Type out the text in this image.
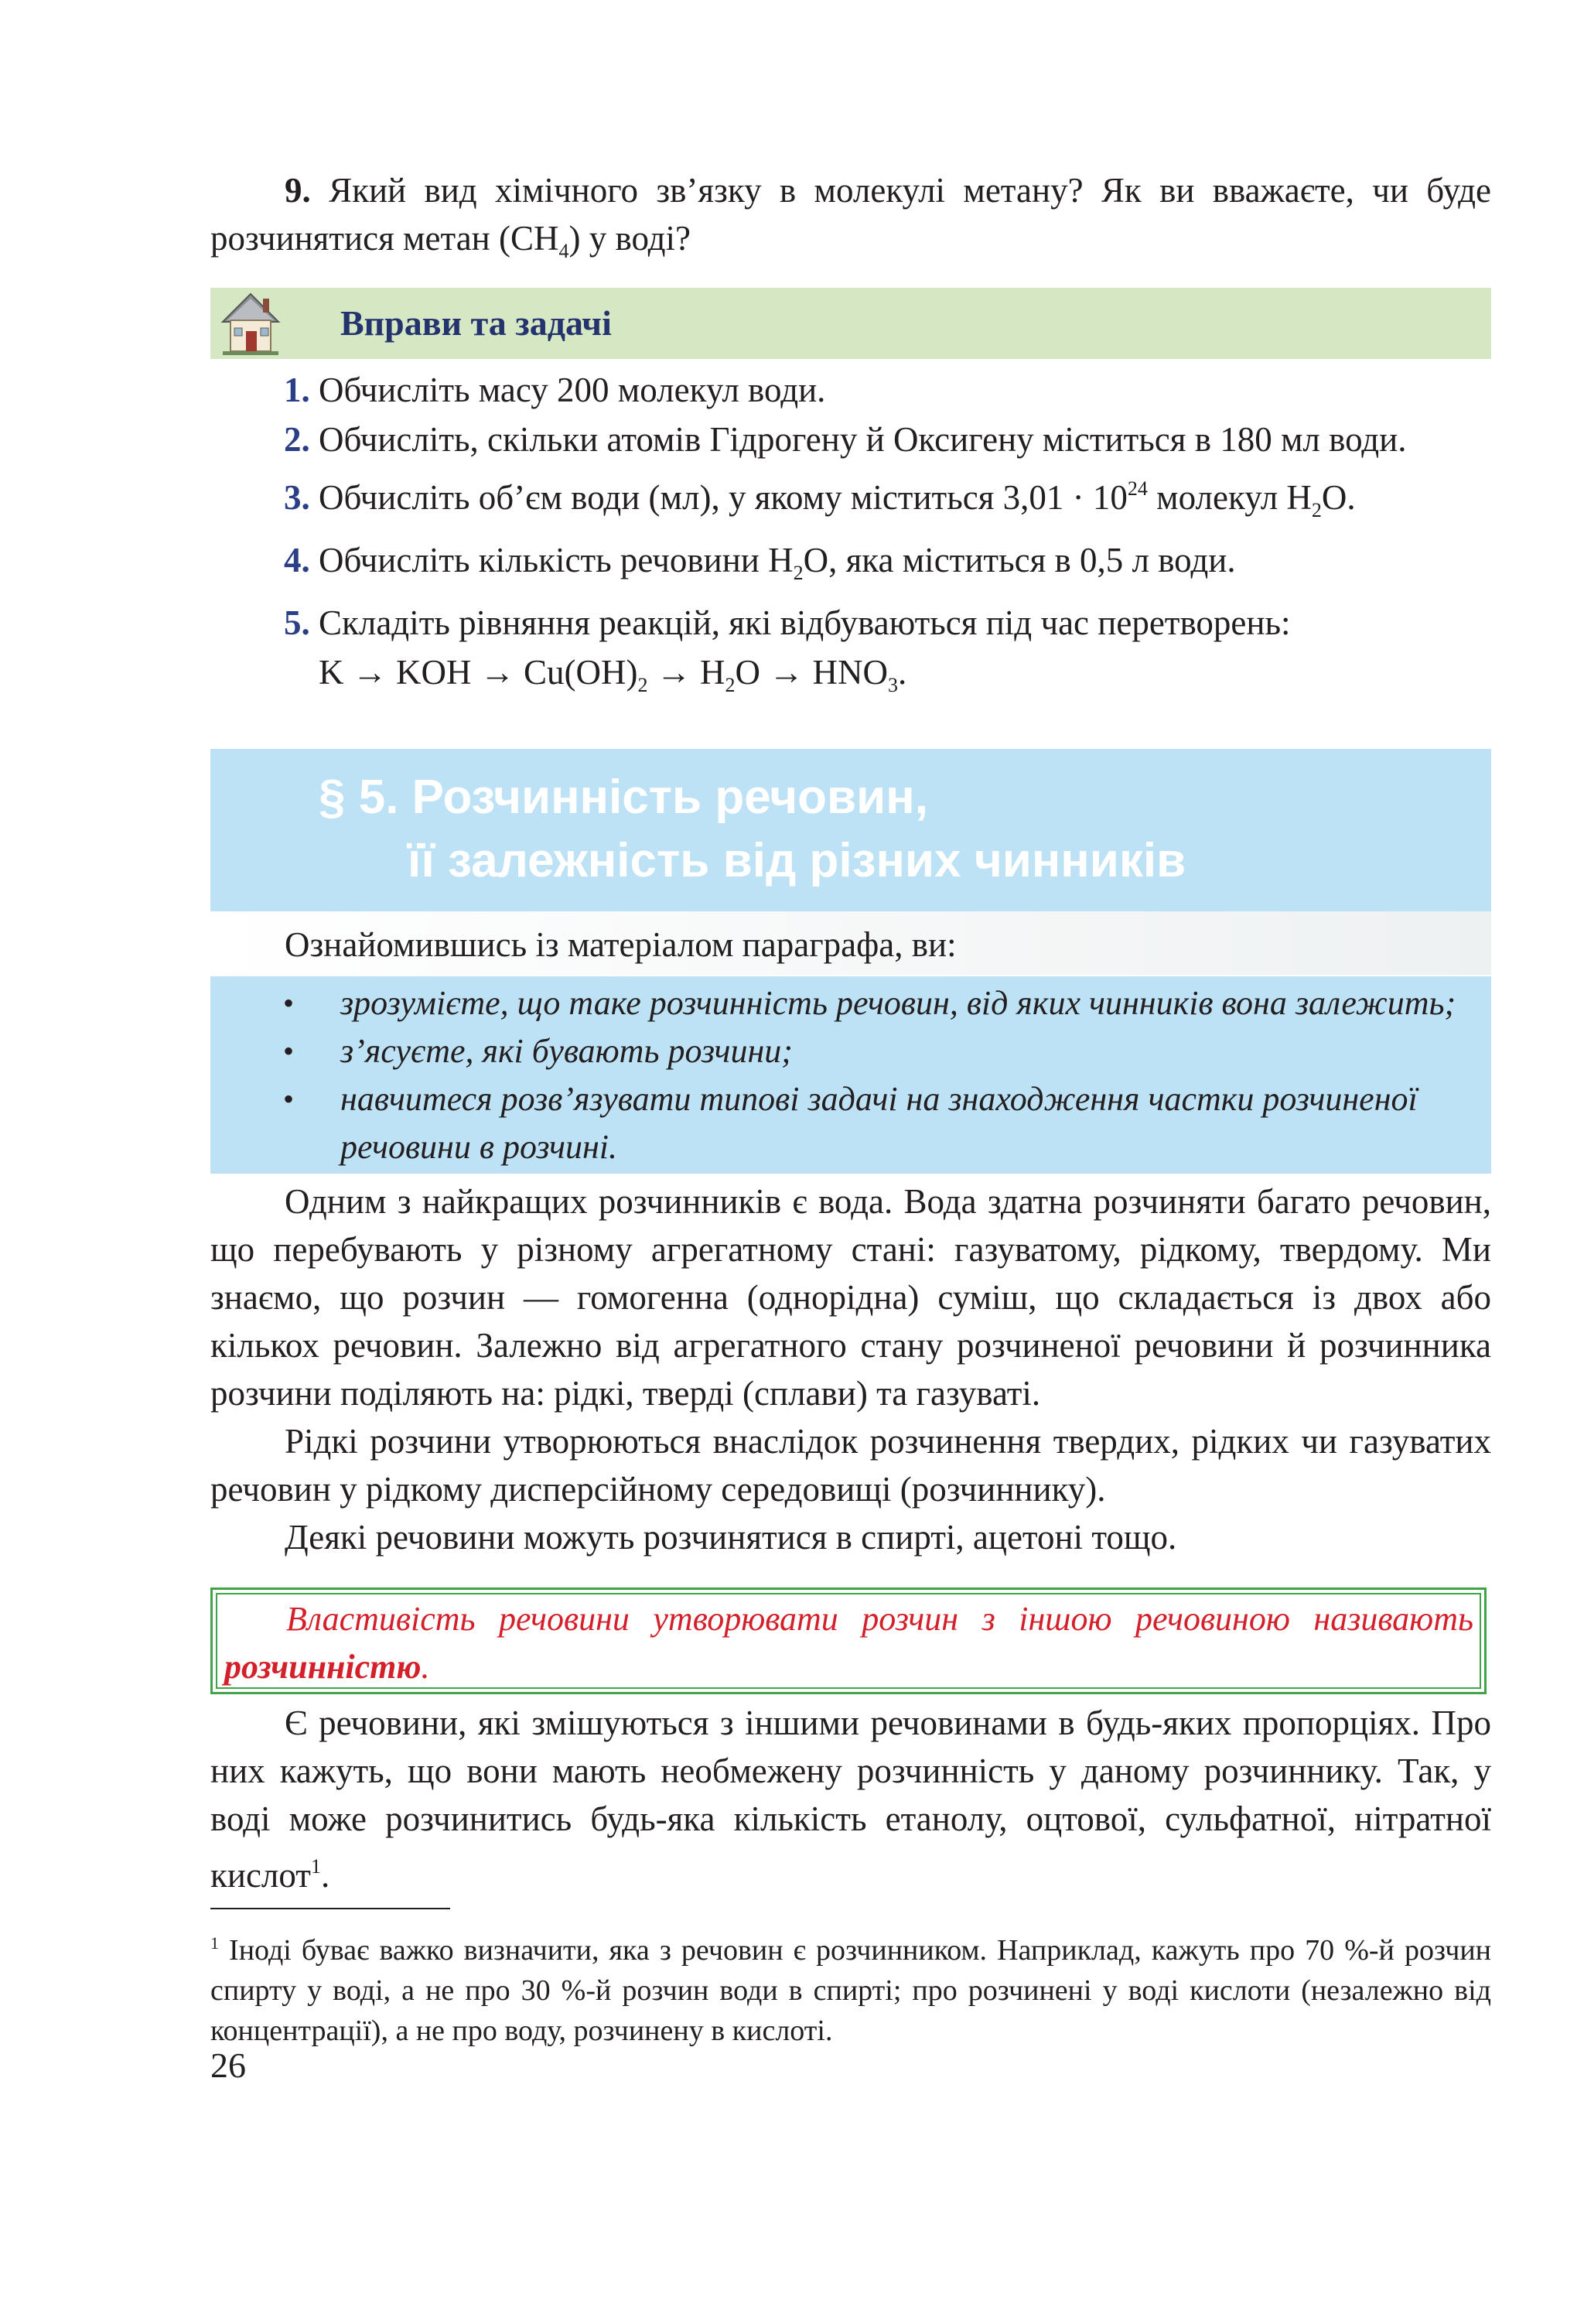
9. Який вид хімічного зв’язку в молекулі метану? Як ви вважаєте, чи буде розчинятися метан $(CH_4)$ у воді?

Вправи та задачі

1. Обчисліть масу 200 молекул води.

2. Обчисліть, скільки атомів Гідрогену й Оксигену міститься в 180 мл води.

3. Обчисліть об’єм води (мл), у якому міститься $3,01 \cdot 10^{24}$ молекул $H_2O$.

4. Обчисліть кількість речовини $H_2O$, яка міститься в 0,5 л води.

5. Складіть рівняння реакцій, які відбуваються під час перетворень:

K → KOH → $Cu(OH)_2 \to H_2O \to HNO_3$.

§ 5. Розчинність речовин,
її залежність від різних чинників

Ознайомившись із матеріалом параграфа, ви:

• зрозумієте, що таке розчинність речовин, від яких чинників вона залежить;
• з’ясуєте, які бувають розчини;
• навчитеся розв’язувати типові задачі на знаходження частки розчиненої речовини в розчині.

Одним з найкращих розчинників є вода. Вода здатна розчиняти багато речовин, що перебувають у різному агрегатному стані: газуватому, рідкому, твердому. Ми знаємо, що розчин — гомогенна (однорідна) суміш, що складається із двох або кількох речовин. Залежно від агрегатного стану розчиненої речовини й розчинника розчини поділяють на: рідкі, тверді (сплави) та газуваті.

Рідкі розчини утворюються внаслідок розчинення твердих, рідких чи газуватих речовин у рідкому дисперсійному середовищі (розчиннику).

Деякі речовини можуть розчинятися в спирті, ацетоні тощо.

Властивість речовини утворювати розчин з іншою речовиною називають розчинністю.

Є речовини, які змішуються з іншими речовинами в будь-яких пропорціях. Про них кажуть, що вони мають необмежену розчинність у даному розчиннику. Так, у воді може розчинитись будь-яка кількість етанолу, оцтової, сульфатної, нітратної кислот$^1$.

$^1$ Іноді буває важко визначити, яка з речовин є розчинником. Наприклад, кажуть про 70 %-й розчин спирту у воді, а не про 30 %-й розчин води в спирті; про розчинені у воді кислоти (незалежно від концентрації), а не про воду, розчинену в кислоті.

26
